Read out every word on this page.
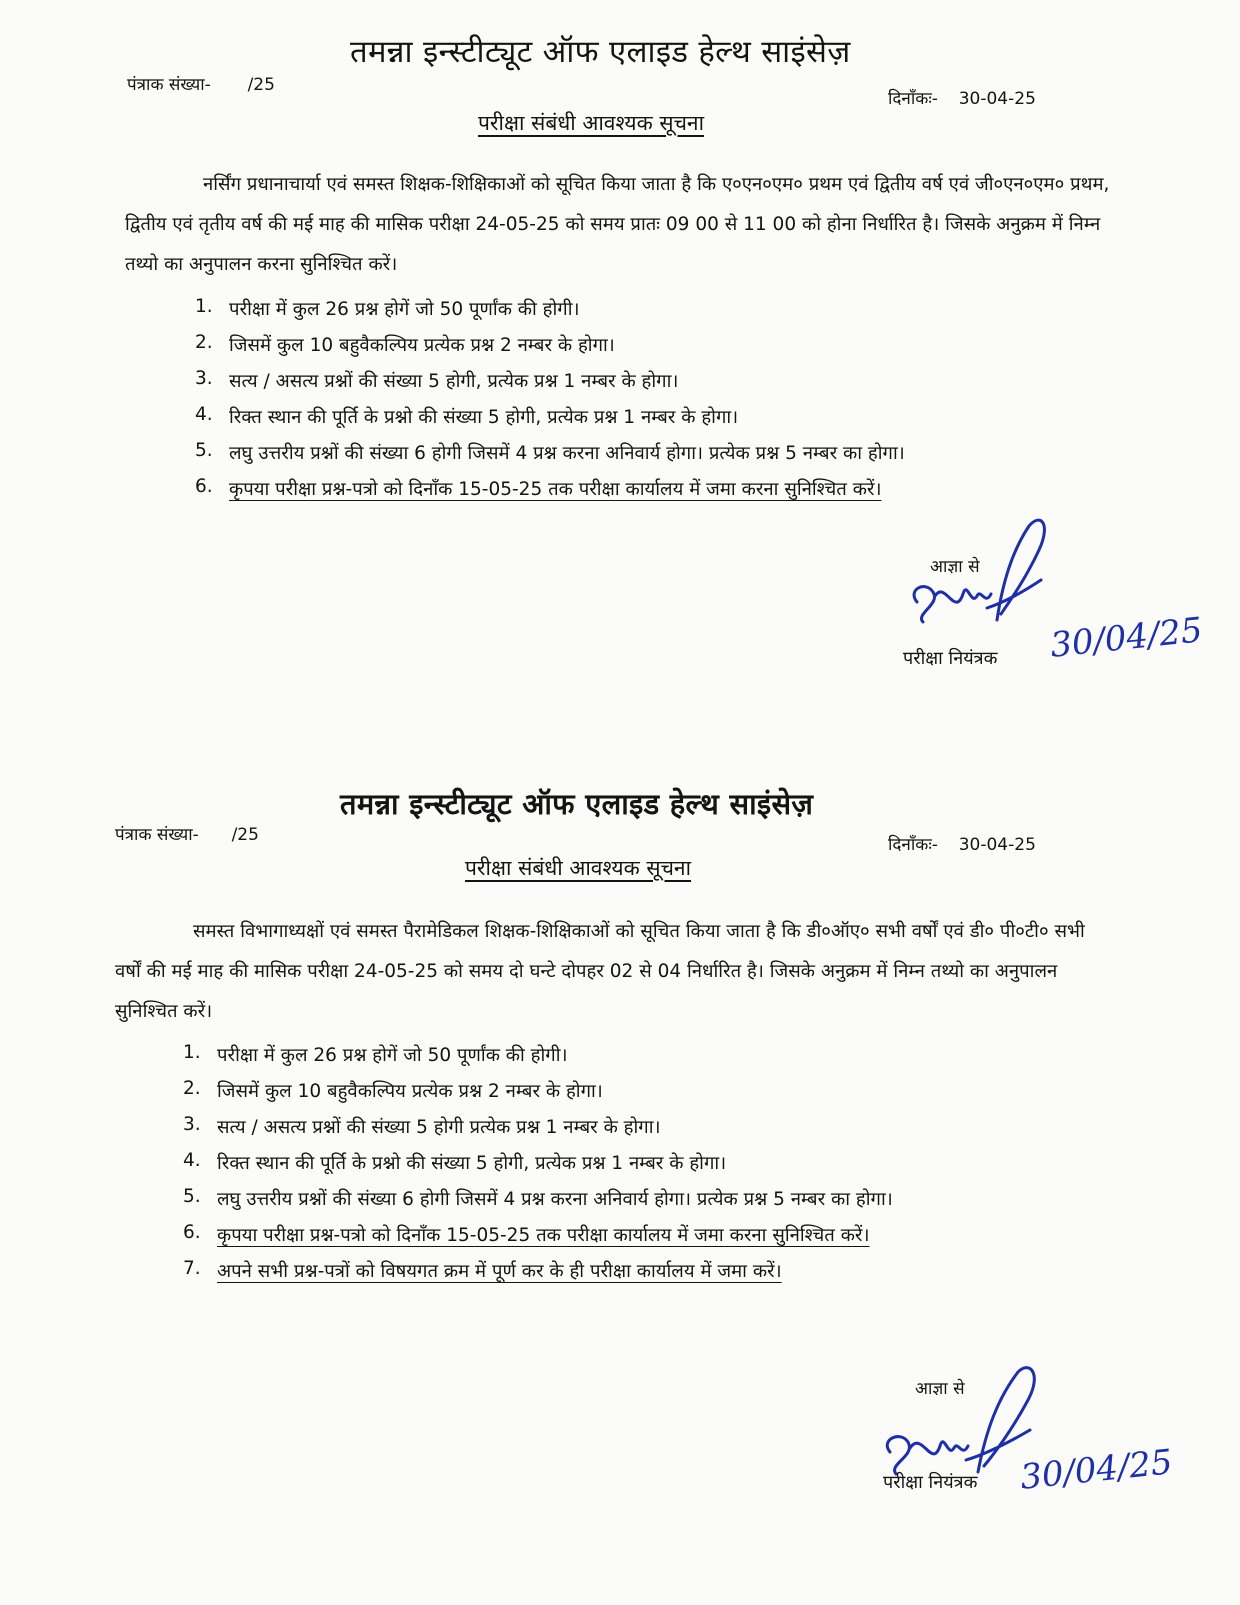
तमन्ना इन्स्टीट्यूट ऑफ एलाइड हेल्थ साइंसेज़
पंत्राक संख्या- /25
दिनाँकः- 30-04-25
परीक्षा संबंधी आवश्यक सूचना

नर्सिंग प्रधानाचार्या एवं समस्त शिक्षक-शिक्षिकाओं को सूचित किया जाता है कि ए०एन०एम० प्रथम एवं द्वितीय वर्ष एवं जी०एन०एम० प्रथम, द्वितीय एवं तृतीय वर्ष की मई माह की मासिक परीक्षा 24-05-25 को समय प्रातः 09 00 से 11 00 को होना निर्धारित है। जिसके अनुक्रम में निम्न तथ्यो का अनुपालन करना सुनिश्चित करें।

1. परीक्षा में कुल 26 प्रश्न होगें जो 50 पूर्णांक की होगी।
2. जिसमें कुल 10 बहुवैकल्पिय प्रत्येक प्रश्न 2 नम्बर के होगा।
3. सत्य / असत्य प्रश्नों की संख्या 5 होगी, प्रत्येक प्रश्न 1 नम्बर के होगा।
4. रिक्त स्थान की पूर्ति के प्रश्नो की संख्या 5 होगी, प्रत्येक प्रश्न 1 नम्बर के होगा।
5. लघु उत्तरीय प्रश्नों की संख्या 6 होगी जिसमें 4 प्रश्न करना अनिवार्य होगा। प्रत्येक प्रश्न 5 नम्बर का होगा।
6. कृपया परीक्षा प्रश्न-पत्रो को दिनाँक 15-05-25 तक परीक्षा कार्यालय में जमा करना सुनिश्चित करें।
आज्ञा से
परीक्षा नियंत्रक 30/04/25
तमन्ना इन्स्टीट्यूट ऑफ एलाइड हेल्थ साइंसेज़
पंत्राक संख्या- /25	दिनाँकः- 30-04-25
परीक्षा संबंधी आवश्यक सूचना

समस्त विभागाध्यक्षों एवं समस्त पैरामेडिकल शिक्षक-शिक्षिकाओं को सूचित किया जाता है कि डी०ऑए० सभी वर्षों एवं डी० पी०टी० सभी वर्षों की मई माह की मासिक परीक्षा 24-05-25 को समय दो घन्टे दोपहर 02 से 04 निर्धारित है। जिसके अनुक्रम में निम्न तथ्यो का अनुपालन सुनिश्चित करें।

1. परीक्षा में कुल 26 प्रश्न होगें जो 50 पूर्णांक की होगी।
2. जिसमें कुल 10 बहुवैकल्पिय प्रत्येक प्रश्न 2 नम्बर के होगा।
3. सत्य / असत्य प्रश्नों की संख्या 5 होगी प्रत्येक प्रश्न 1 नम्बर के होगा।
4. रिक्त स्थान की पूर्ति के प्रश्नो की संख्या 5 होगी, प्रत्येक प्रश्न 1 नम्बर के होगा।
5. लघु उत्तरीय प्रश्नों की संख्या 6 होगी जिसमें 4 प्रश्न करना अनिवार्य होगा। प्रत्येक प्रश्न 5 नम्बर का होगा।
6. कृपया परीक्षा प्रश्न-पत्रो को दिनाँक 15-05-25 तक परीक्षा कार्यालय में जमा करना सुनिश्चित करें।
7. अपने सभी प्रश्न-पत्रों को विषयगत क्रम में पूर्ण कर के ही परीक्षा कार्यालय में जमा करें।
आज्ञा से
परीक्षा नियंत्रक 30/04/25
